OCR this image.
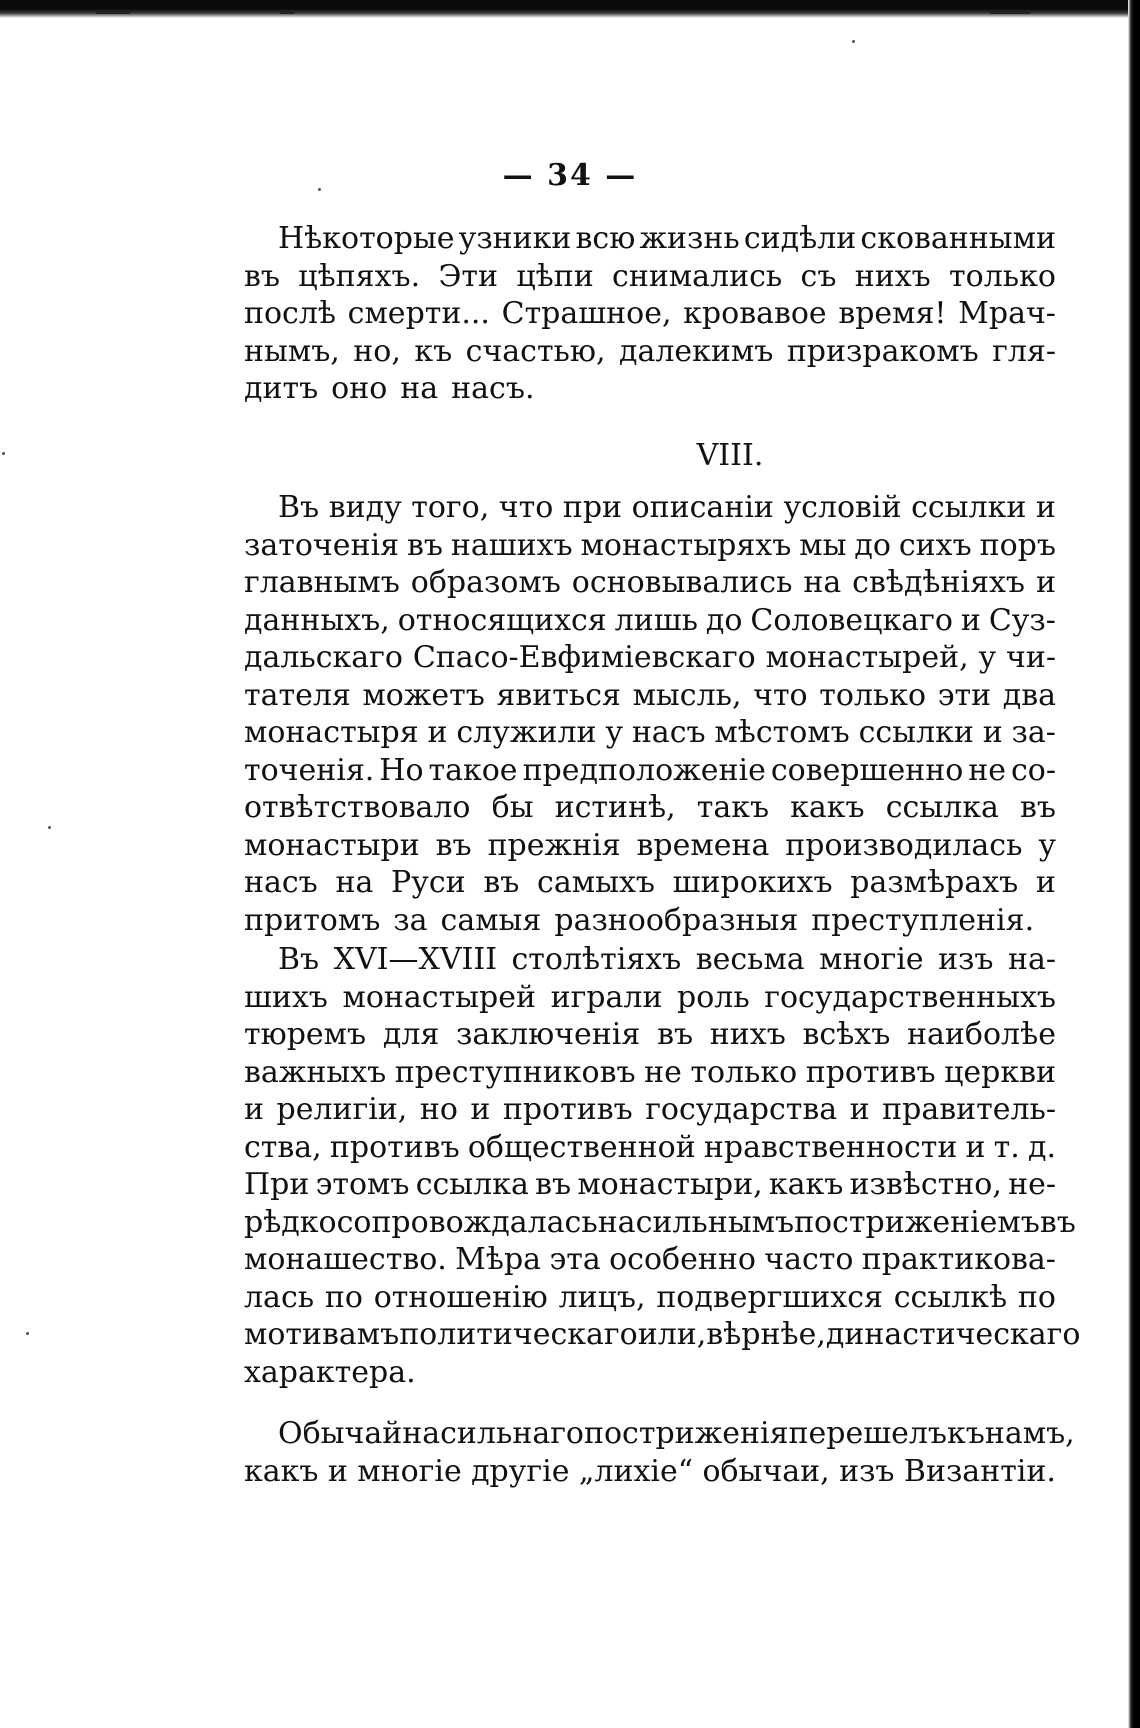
— 34 —
Нѣкоторые узники всю жизнь сидѣли скованными
въ цѣпяхъ. Эти цѣпи снимались съ нихъ только
послѣ смерти... Страшное, кровавое время! Мрач-
нымъ, но, къ счастью, далекимъ призракомъ гля-
дитъ оно на насъ.
VIII.
Въ виду того, что при описаніи условій ссылки и
заточенія въ нашихъ монастыряхъ мы до сихъ поръ
главнымъ образомъ основывались на свѣдѣніяхъ и
данныхъ, относящихся лишь до Соловецкаго и Суз-
дальскаго Спасо-Евфиміевскаго монастырей, у чи-
тателя можетъ явиться мысль, что только эти два
монастыря и служили у насъ мѣстомъ ссылки и за-
точенія. Но такое предположеніе совершенно не со-
отвѣтствовало бы истинѣ, такъ какъ ссылка въ
монастыри въ прежнія времена производилась у
насъ на Руси въ самыхъ широкихъ размѣрахъ и
притомъ за самыя разнообразныя преступленія.
Въ XVI—XVIII столѣтіяхъ весьма многіе изъ на-
шихъ монастырей играли роль государственныхъ
тюремъ для заключенія въ нихъ всѣхъ наиболѣе
важныхъ преступниковъ не только противъ церкви
и религіи, но и противъ государства и правитель-
ства, противъ общественной нравственности и т. д.
При этомъ ссылка въ монастыри, какъ извѣстно, не-
рѣдко сопровождалась насильнымъ постриженіемъ въ
монашество. Мѣра эта особенно часто практикова-
лась по отношенію лицъ, подвергшихся ссылкѣ по
мотивамъ политическаго или, вѣрнѣе, династическаго
характера.
Обычай насильнаго постриженія перешелъ къ намъ,
какъ и многіе другіе „лихіе“ обычаи, изъ Византіи.
